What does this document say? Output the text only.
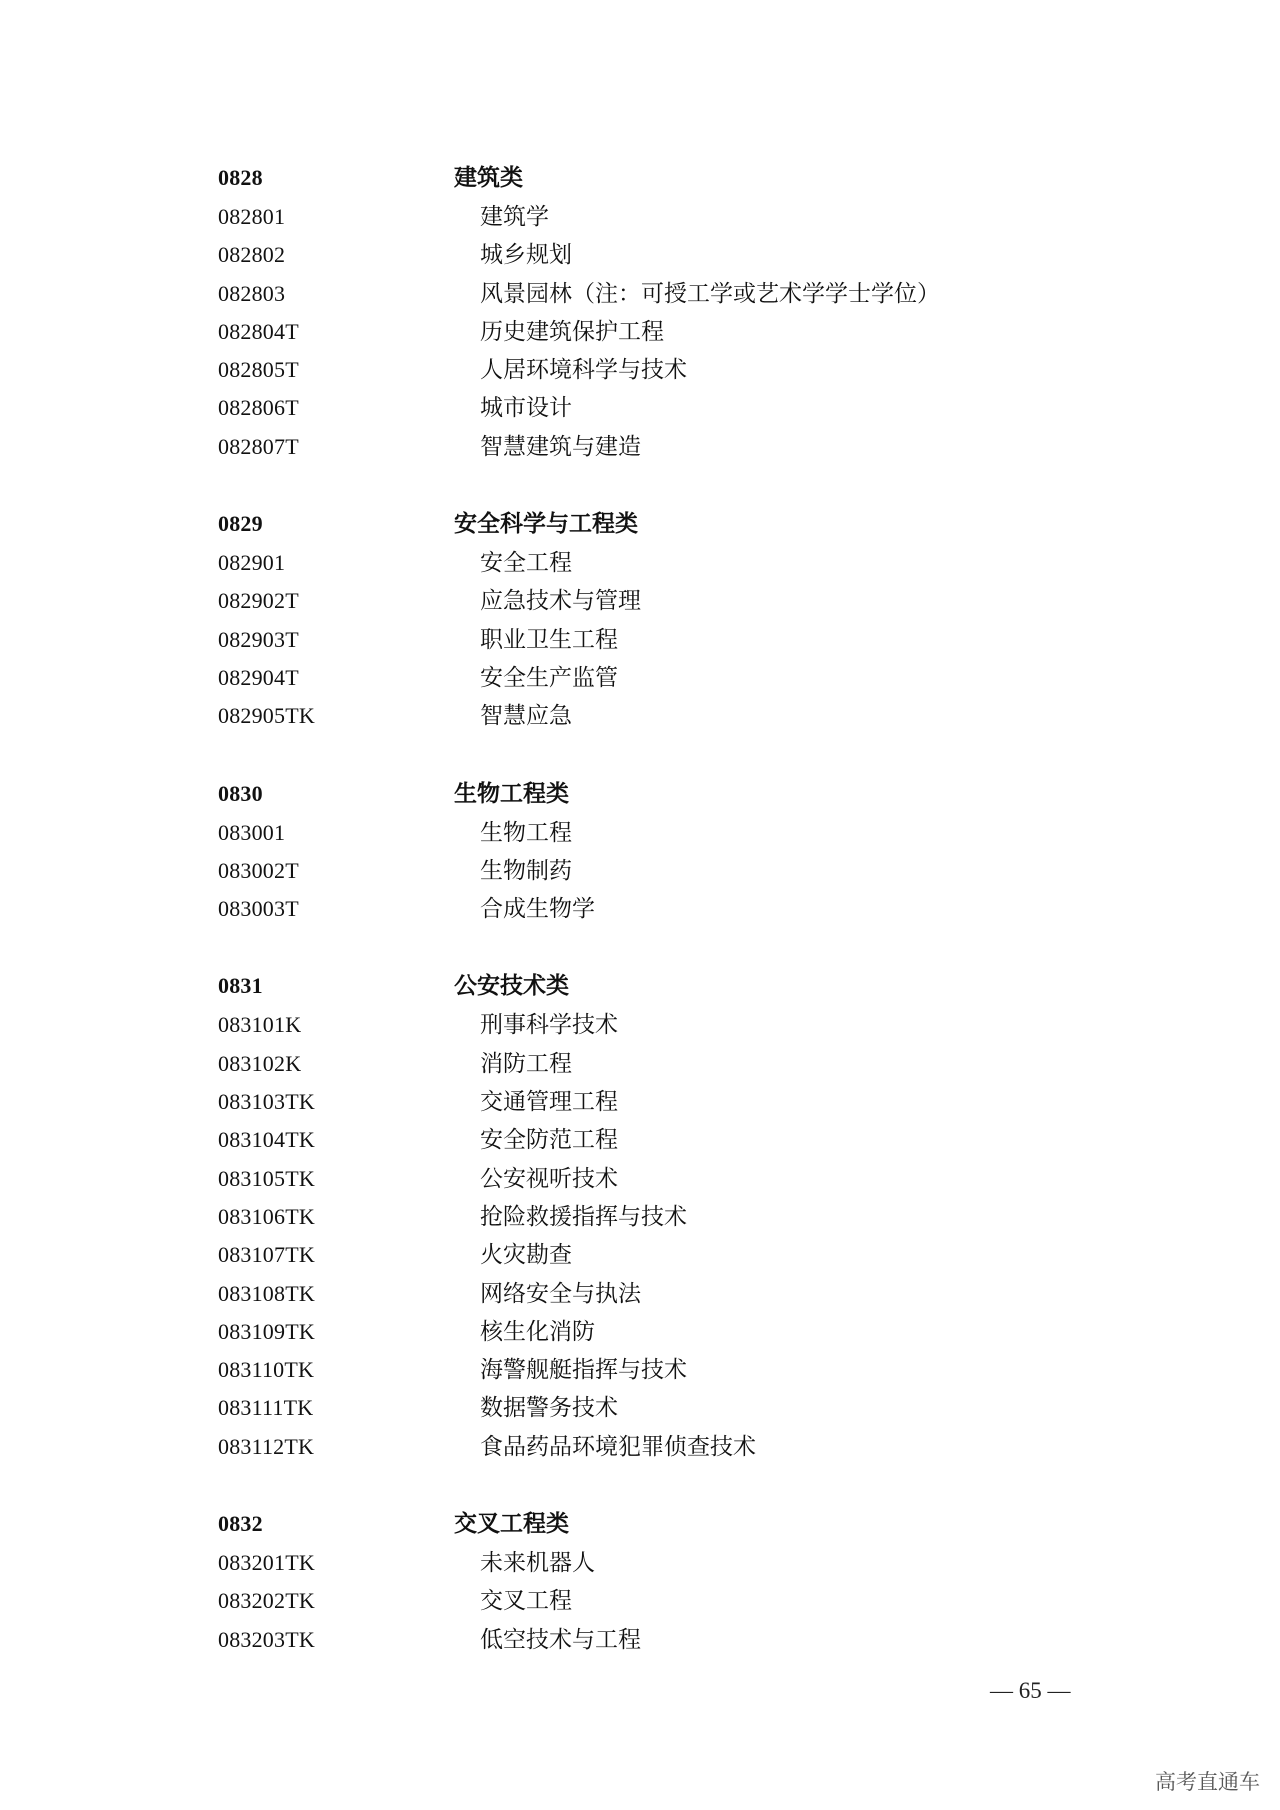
0828	建筑类
082801	建筑学
082802	城乡规划
082803	风景园林（注：可授工学或艺术学学士学位）
082804T	历史建筑保护工程
082805T	人居环境科学与技术
082806T	城市设计
082807T	智慧建筑与建造
0829	安全科学与工程类
082901	安全工程
082902T	应急技术与管理
082903T	职业卫生工程
082904T	安全生产监管
082905TK	智慧应急
0830	生物工程类
083001	生物工程
083002T	生物制药
083003T	合成生物学
0831	公安技术类
083101K	刑事科学技术
083102K	消防工程
083103TK	交通管理工程
083104TK	安全防范工程
083105TK	公安视听技术
083106TK	抢险救援指挥与技术
083107TK	火灾勘查
083108TK	网络安全与执法
083109TK	核生化消防
083110TK	海警舰艇指挥与技术
083111TK	数据警务技术
083112TK	食品药品环境犯罪侦查技术
0832	交叉工程类
083201TK	未来机器人
083202TK	交叉工程
083203TK	低空技术与工程
— 65 —
高考直通车
